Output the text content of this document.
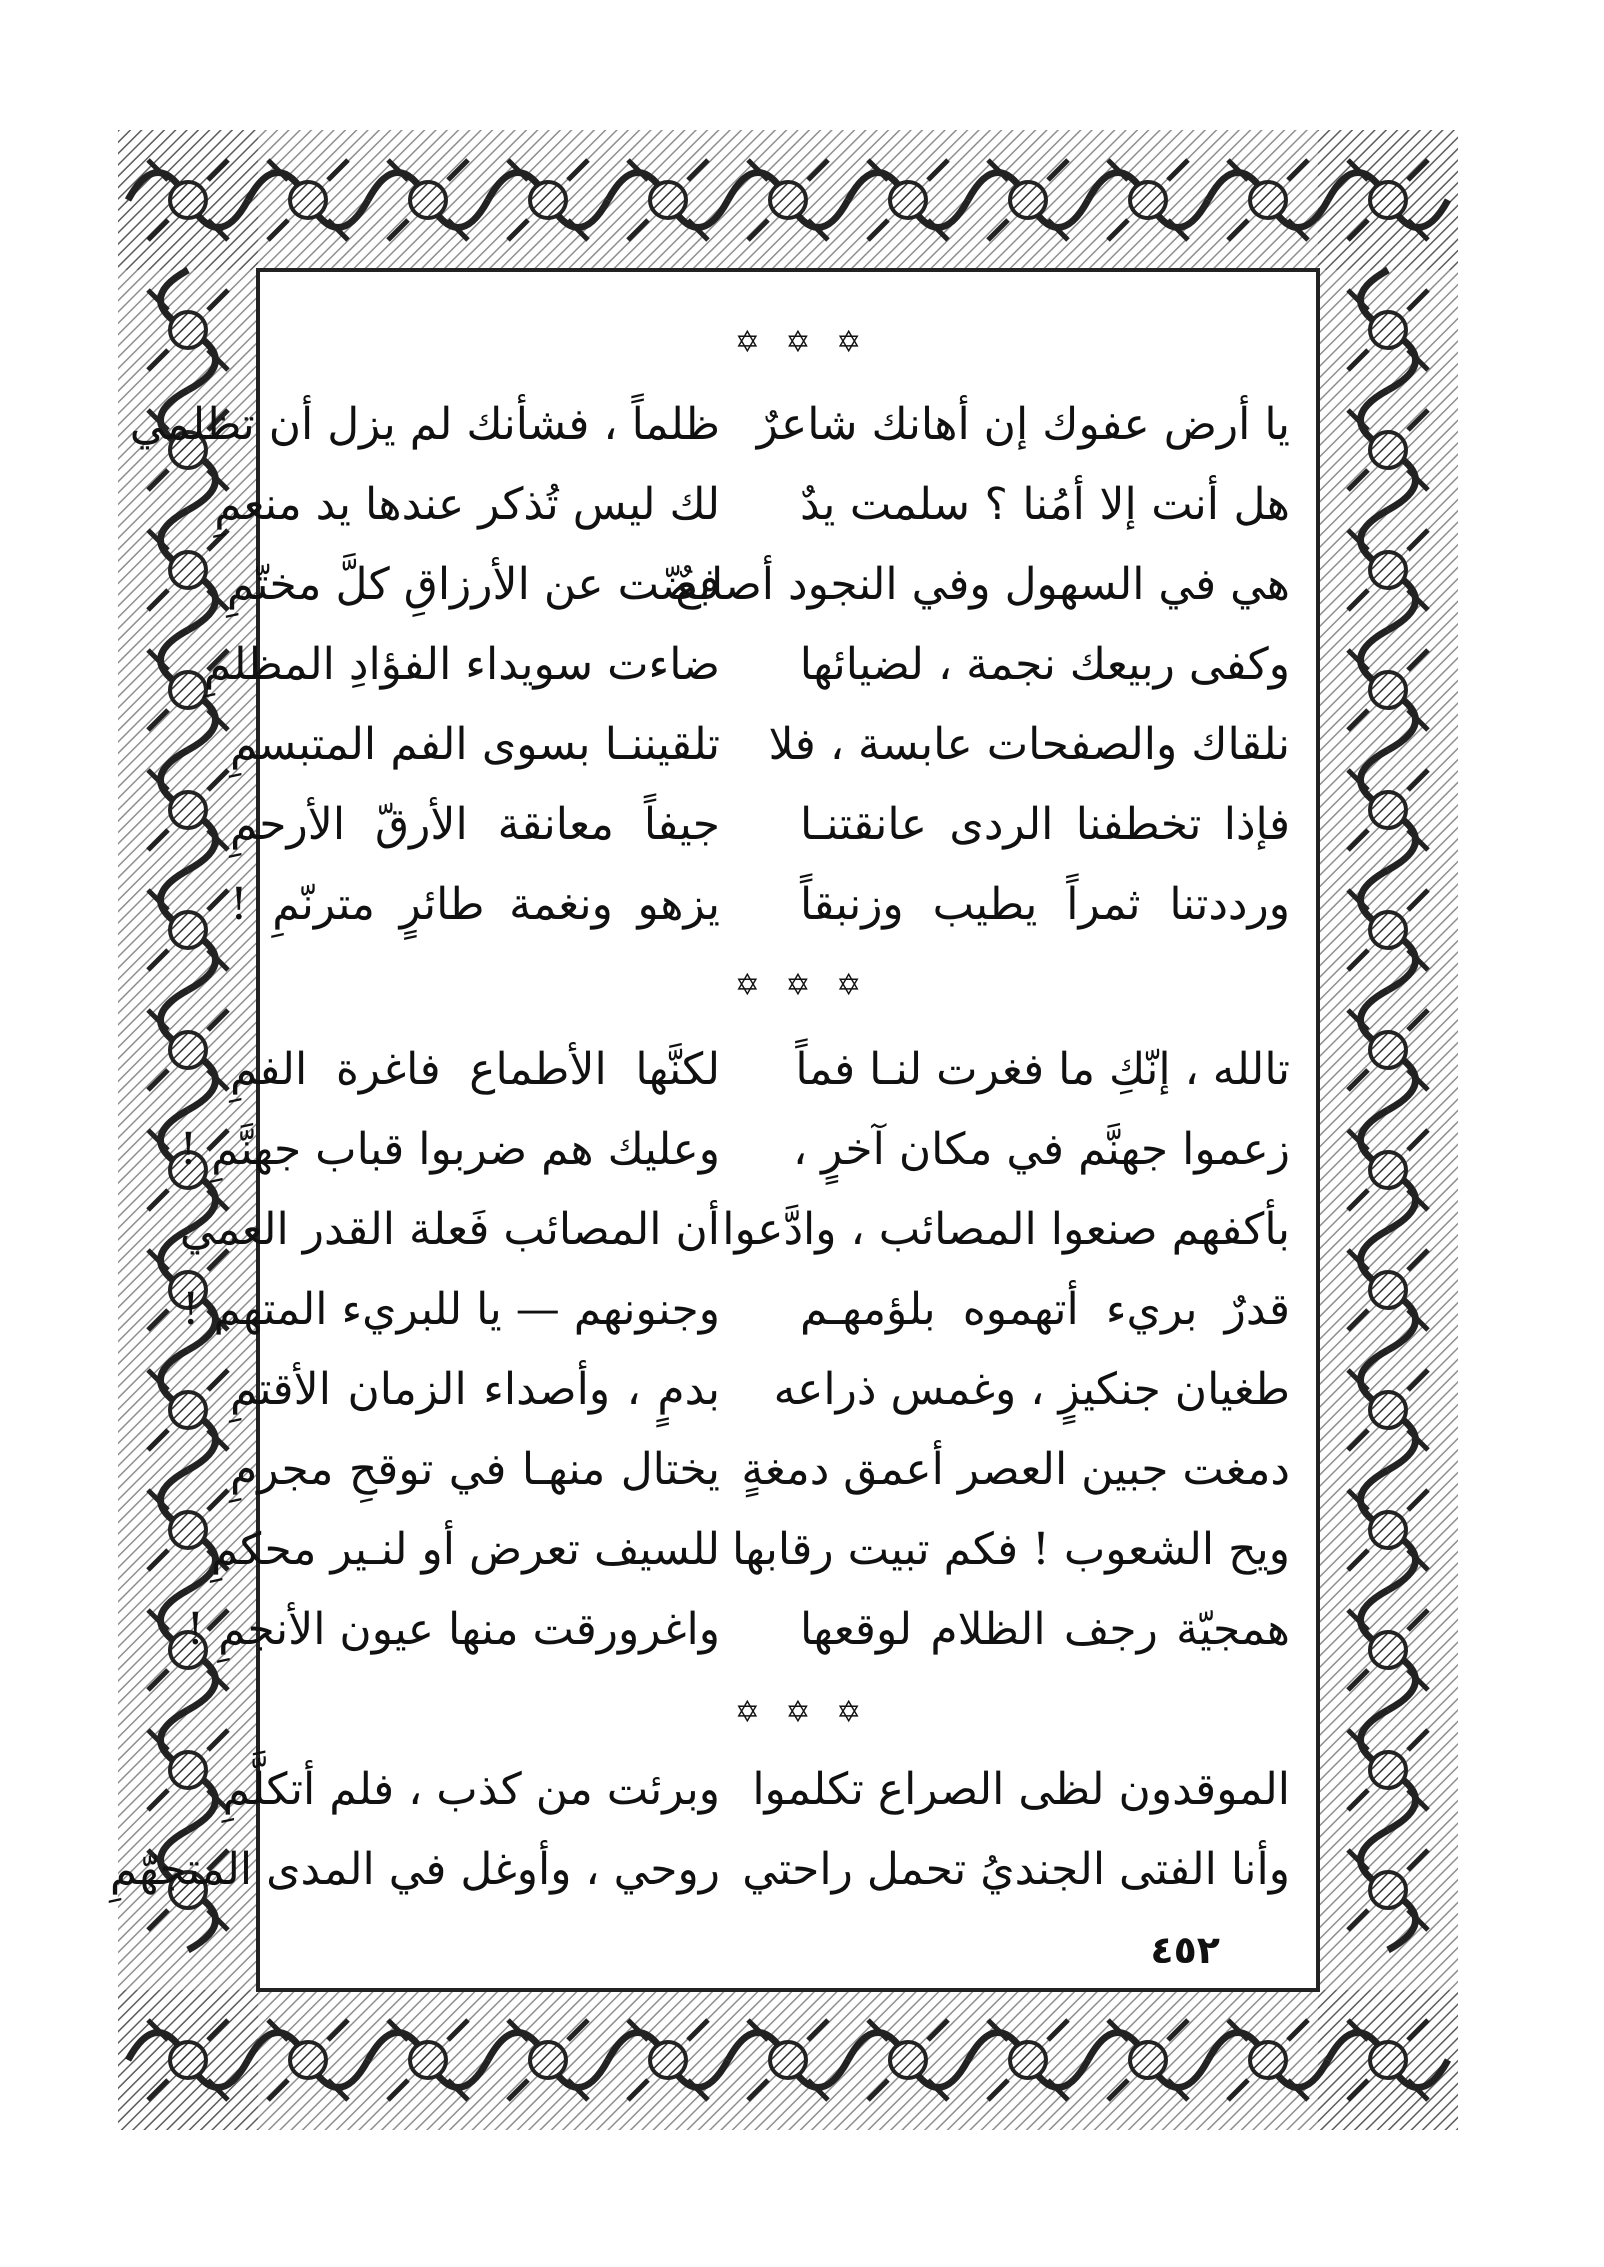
✡ ✡ ✡
يا أرض عفوك إن أهانك شاعرٌ
ظلماً ، فشأنك لم يزل أن تظلمي
هل أنت إلا أمُنا ؟ سلمت يدٌ
لك ليس تُذكر عندها يد منعمِ
هي في السهول وفي النجود أصابعٌ
فضّت عن الأرزاقِ كلَّ مختّمِ
وكفى ربيعك نجمة ، لضيائها
ضاءت سويداء الفؤادِ المظلمِ
نلقاك والصفحات عابسة ، فلا
تلقيننـا بسوى الفم المتبسمِ
فإذا تخطفنا الردى عانقتنـا
جيفاً معانقة الأرقّ الأرحمِ
ورددتنا ثمراً يطيب وزنبقاً
يزهو ونغمة طائرٍ مترنّمِ !
✡ ✡ ✡
تالله ، إنّكِ ما فغرت لنـا فماً
لكنَّها الأطماع فاغرة الفمِ
زعموا جهنَّم في مكان آخرٍ ،
وعليك هم ضربوا قباب جهنَّمِ !
بأكفهم صنعوا المصائب ، وادَّعوا
أن المصائب فَعلة القدر العمي
قدرٌ بريء أتهموه بلؤمهـم
وجنونهم — يا للبريء المتهم !
طغيان جنكيزٍ ، وغمس ذراعه
بدمٍ ، وأصداء الزمان الأقتمِ
دمغت جبين العصر أعمق دمغةٍ
يختال منهـا في توقحِ مجرمِ
ويح الشعوب ! فكم تبيت رقابها
للسيف تعرض أو لنـير محكمِ
همجيّة رجف الظلام لوقعها
واغرورقت منها عيون الأنجمِ !
✡ ✡ ✡
الموقدون لظى الصراع تكلموا
وبرئت من كذب ، فلم أتكلَّمِ
وأنا الفتى الجنديُ تحمل راحتي
روحي ، وأوغل في المدى المتجهّمِ
٤٥٢
